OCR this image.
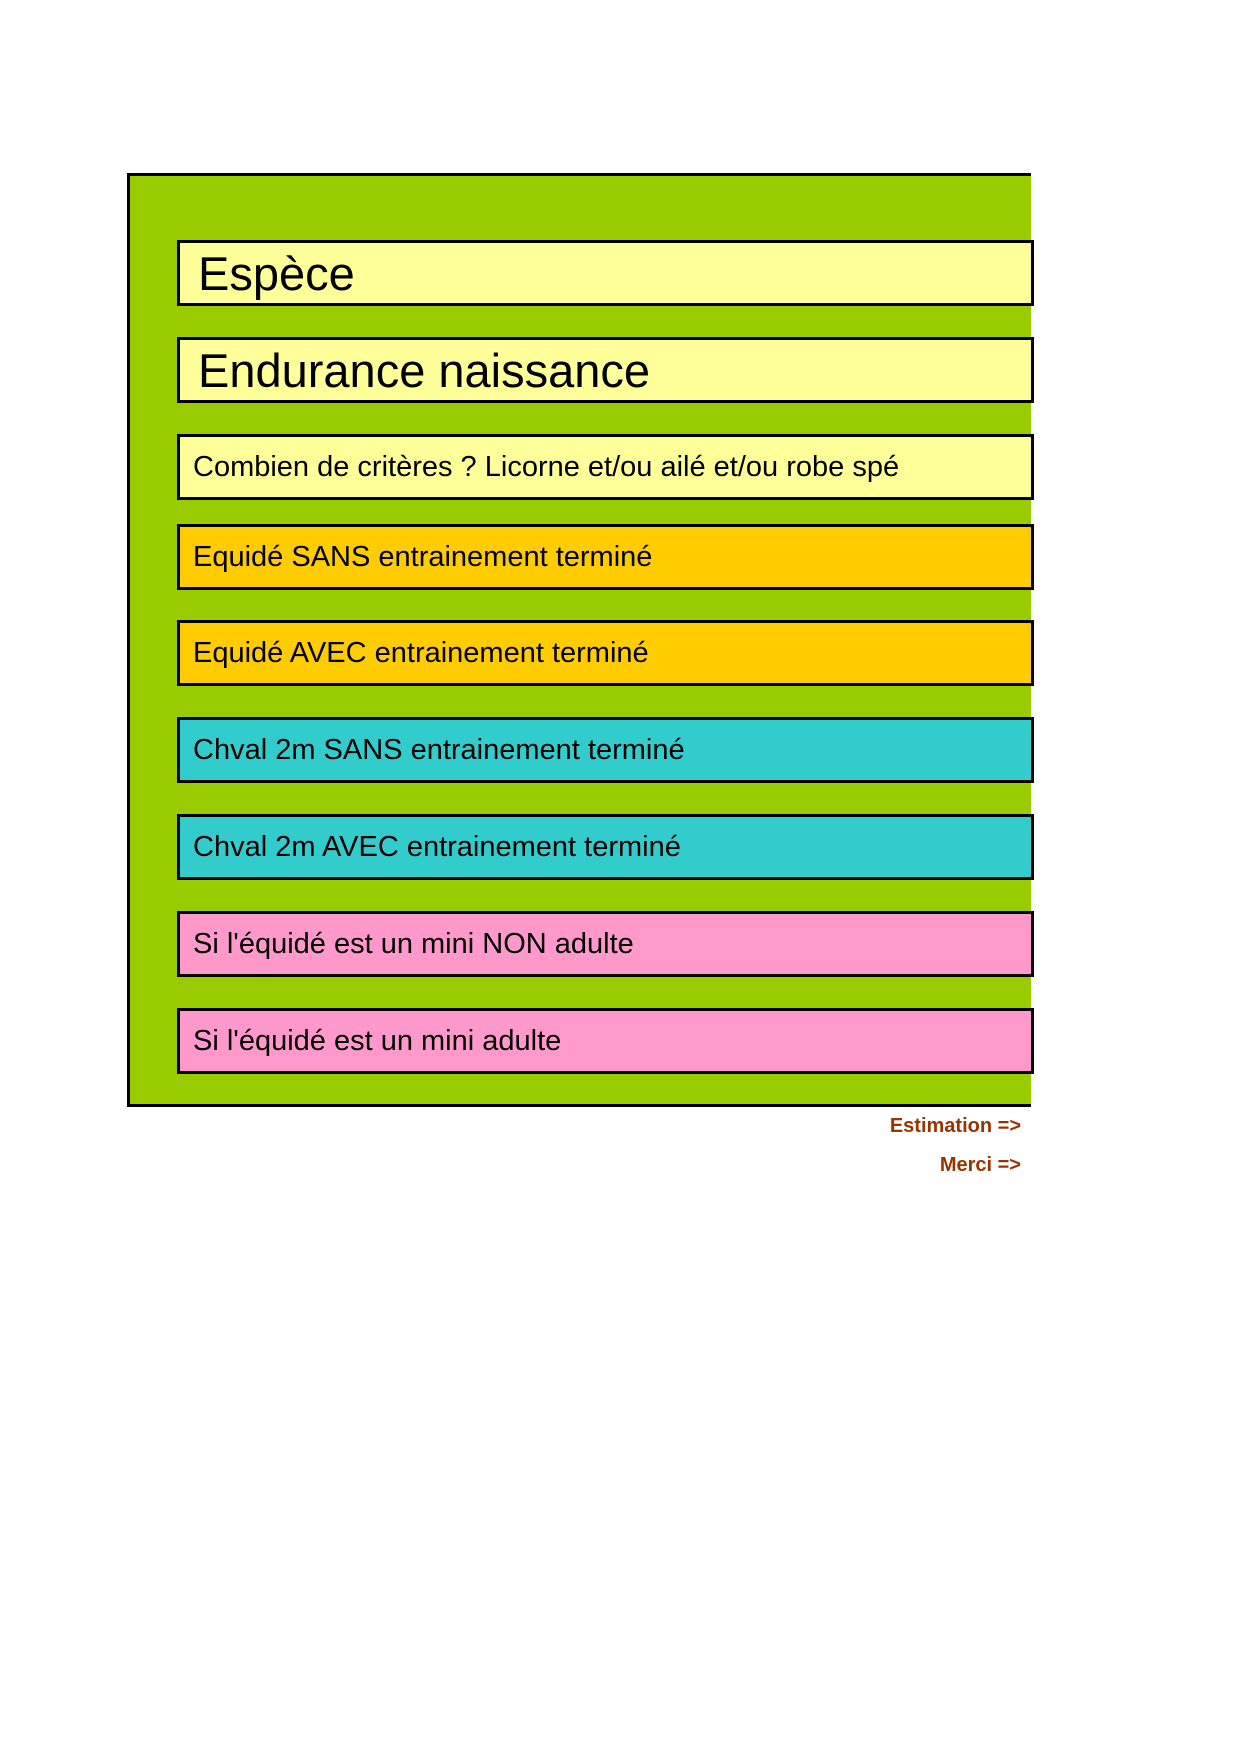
Espèce
Endurance naissance
Combien de critères ? Licorne et/ou ailé et/ou robe spé
Equidé SANS entrainement terminé
Equidé AVEC entrainement terminé
Chval 2m SANS entrainement terminé
Chval 2m AVEC entrainement terminé
Si l'équidé est un mini NON adulte
Si l'équidé est un mini adulte
Estimation =>
Merci =>
